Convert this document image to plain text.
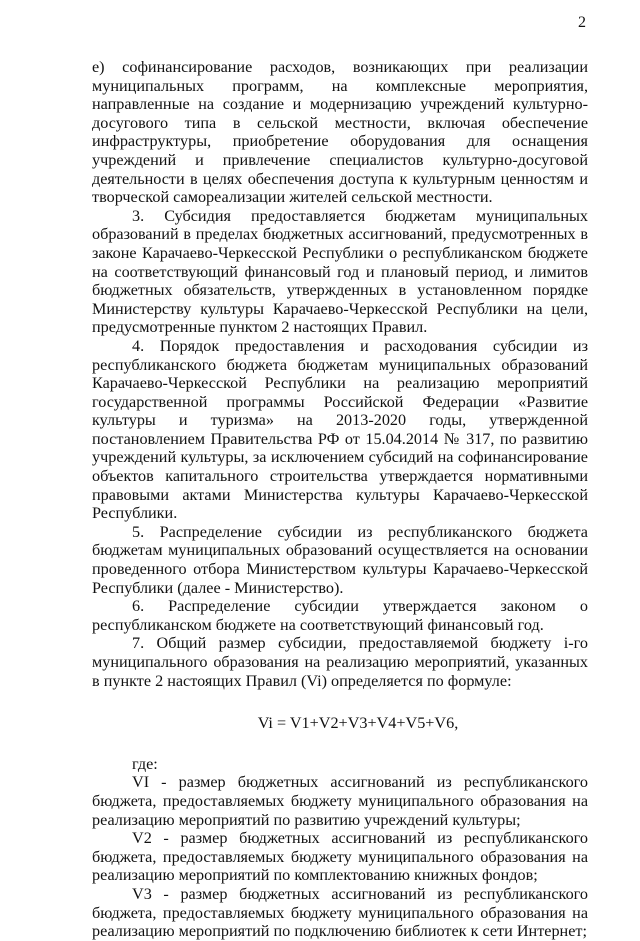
2

е) софинансирование расходов, возникающих при реализации муниципальных программ, на комплексные мероприятия, направленные на создание и модернизацию учреждений культурно-досугового типа в сельской местности, включая обеспечение инфраструктуры, приобретение оборудования для оснащения учреждений и привлечение специалистов культурно-досуговой деятельности в целях обеспечения доступа к культурным ценностям и творческой самореализации жителей сельской местности.

3. Субсидия предоставляется бюджетам муниципальных образований в пределах бюджетных ассигнований, предусмотренных в законе Карачаево-Черкесской Республики о республиканском бюджете на соответствующий финансовый год и плановый период, и лимитов бюджетных обязательств, утвержденных в установленном порядке Министерству культуры Карачаево-Черкесской Республики на цели, предусмотренные пунктом 2 настоящих Правил.

4. Порядок предоставления и расходования субсидии из республиканского бюджета бюджетам муниципальных образований Карачаево-Черкесской Республики на реализацию мероприятий государственной программы Российской Федерации «Развитие культуры и туризма» на 2013-2020 годы, утвержденной постановлением Правительства РФ от 15.04.2014 № 317, по развитию учреждений культуры, за исключением субсидий на софинансирование объектов капитального строительства утверждается нормативными правовыми актами Министерства культуры Карачаево-Черкесской Республики.

5. Распределение субсидии из республиканского бюджета бюджетам муниципальных образований осуществляется на основании проведенного отбора Министерством культуры Карачаево-Черкесской Республики (далее - Министерство).

6. Распределение субсидии утверждается законом о республиканском бюджете на соответствующий финансовый год.

7. Общий размер субсидии, предоставляемой бюджету i-го муниципального образования на реализацию мероприятий, указанных в пункте 2 настоящих Правил (Vi) определяется по формуле:

Vi = V1+V2+V3+V4+V5+V6,

где:

VI - размер бюджетных ассигнований из республиканского бюджета, предоставляемых бюджету муниципального образования на реализацию мероприятий по развитию учреждений культуры;

V2 - размер бюджетных ассигнований из республиканского бюджета, предоставляемых бюджету муниципального образования на реализацию мероприятий по комплектованию книжных фондов;

V3 - размер бюджетных ассигнований из республиканского бюджета, предоставляемых бюджету муниципального образования на реализацию мероприятий по подключению библиотек к сети Интернет;
